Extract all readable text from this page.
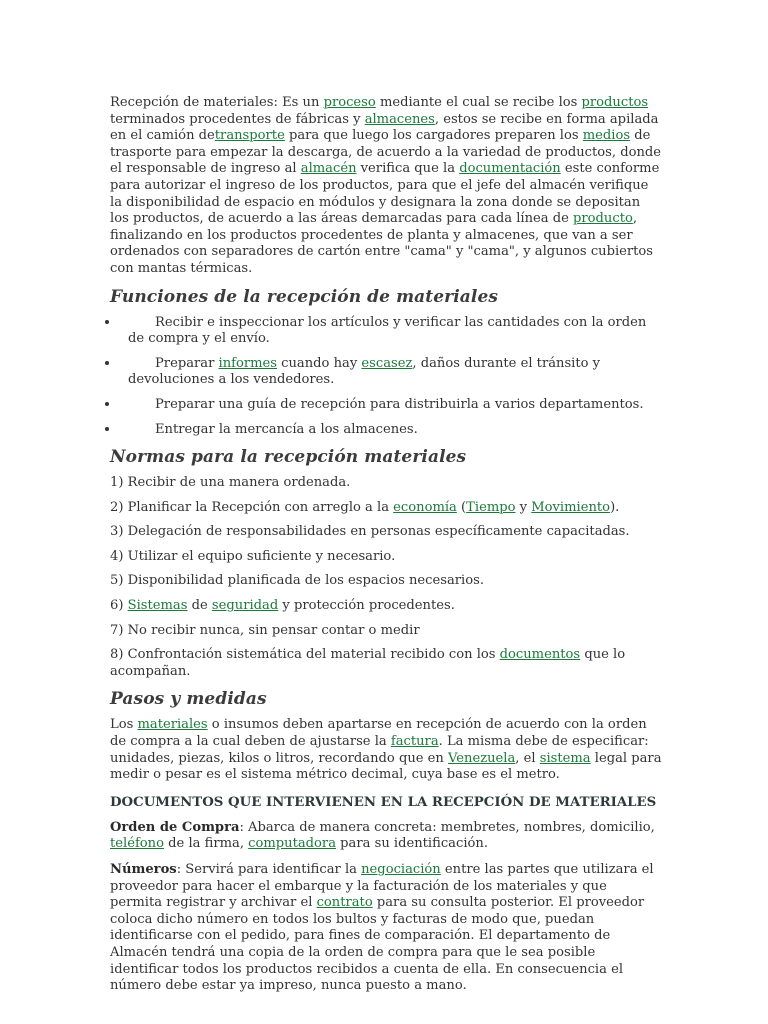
Recepción de materiales: Es un proceso mediante el cual se recibe los productos terminados procedentes de fábricas y almacenes, estos se recibe en forma apilada en el camión detransporte para que luego los cargadores preparen los medios de trasporte para empezar la descarga, de acuerdo a la variedad de productos, donde el responsable de ingreso al almacén verifica que la documentación este conforme para autorizar el ingreso de los productos, para que el jefe del almacén verifique la disponibilidad de espacio en módulos y designara la zona donde se depositan los productos, de acuerdo a las áreas demarcadas para cada línea de producto, finalizando en los productos procedentes de planta y almacenes, que van a ser ordenados con separadores de cartón entre "cama" y "cama", y algunos cubiertos con mantas térmicas.

Funciones de la recepción de materiales
Recibir e inspeccionar los artículos y verificar las cantidades con la orden de compra y el envío.
Preparar informes cuando hay escasez, daños durante el tránsito y devoluciones a los vendedores.
Preparar una guía de recepción para distribuirla a varios departamentos.
Entregar la mercancía a los almacenes.
Normas para la recepción materiales

1) Recibir de una manera ordenada.

2) Planificar la Recepción con arreglo a la economía (Tiempo y Movimiento).

3) Delegación de responsabilidades en personas específicamente capacitadas.

4) Utilizar el equipo suficiente y necesario.

5) Disponibilidad planificada de los espacios necesarios.

6) Sistemas de seguridad y protección procedentes.

7) No recibir nunca, sin pensar contar o medir

8) Confrontación sistemática del material recibido con los documentos que lo acompañan.

Pasos y medidas

Los materiales o insumos deben apartarse en recepción de acuerdo con la orden de compra a la cual deben de ajustarse la factura. La misma debe de especificar: unidades, piezas, kilos o litros, recordando que en Venezuela, el sistema legal para medir o pesar es el sistema métrico decimal, cuya base es el metro.

DOCUMENTOS QUE INTERVIENEN EN LA RECEPCIÓN DE MATERIALES

Orden de Compra: Abarca de manera concreta: membretes, nombres, domicilio, teléfono de la firma, computadora para su identificación.

Números: Servirá para identificar la negociación entre las partes que utilizara el proveedor para hacer el embarque y la facturación de los materiales y que permita registrar y archivar el contrato para su consulta posterior. El proveedor coloca dicho número en todos los bultos y facturas de modo que, puedan identificarse con el pedido, para fines de comparación. El departamento de Almacén tendrá una copia de la orden de compra para que le sea posible identificar todos los productos recibidos a cuenta de ella. En consecuencia el número debe estar ya impreso, nunca puesto a mano.
